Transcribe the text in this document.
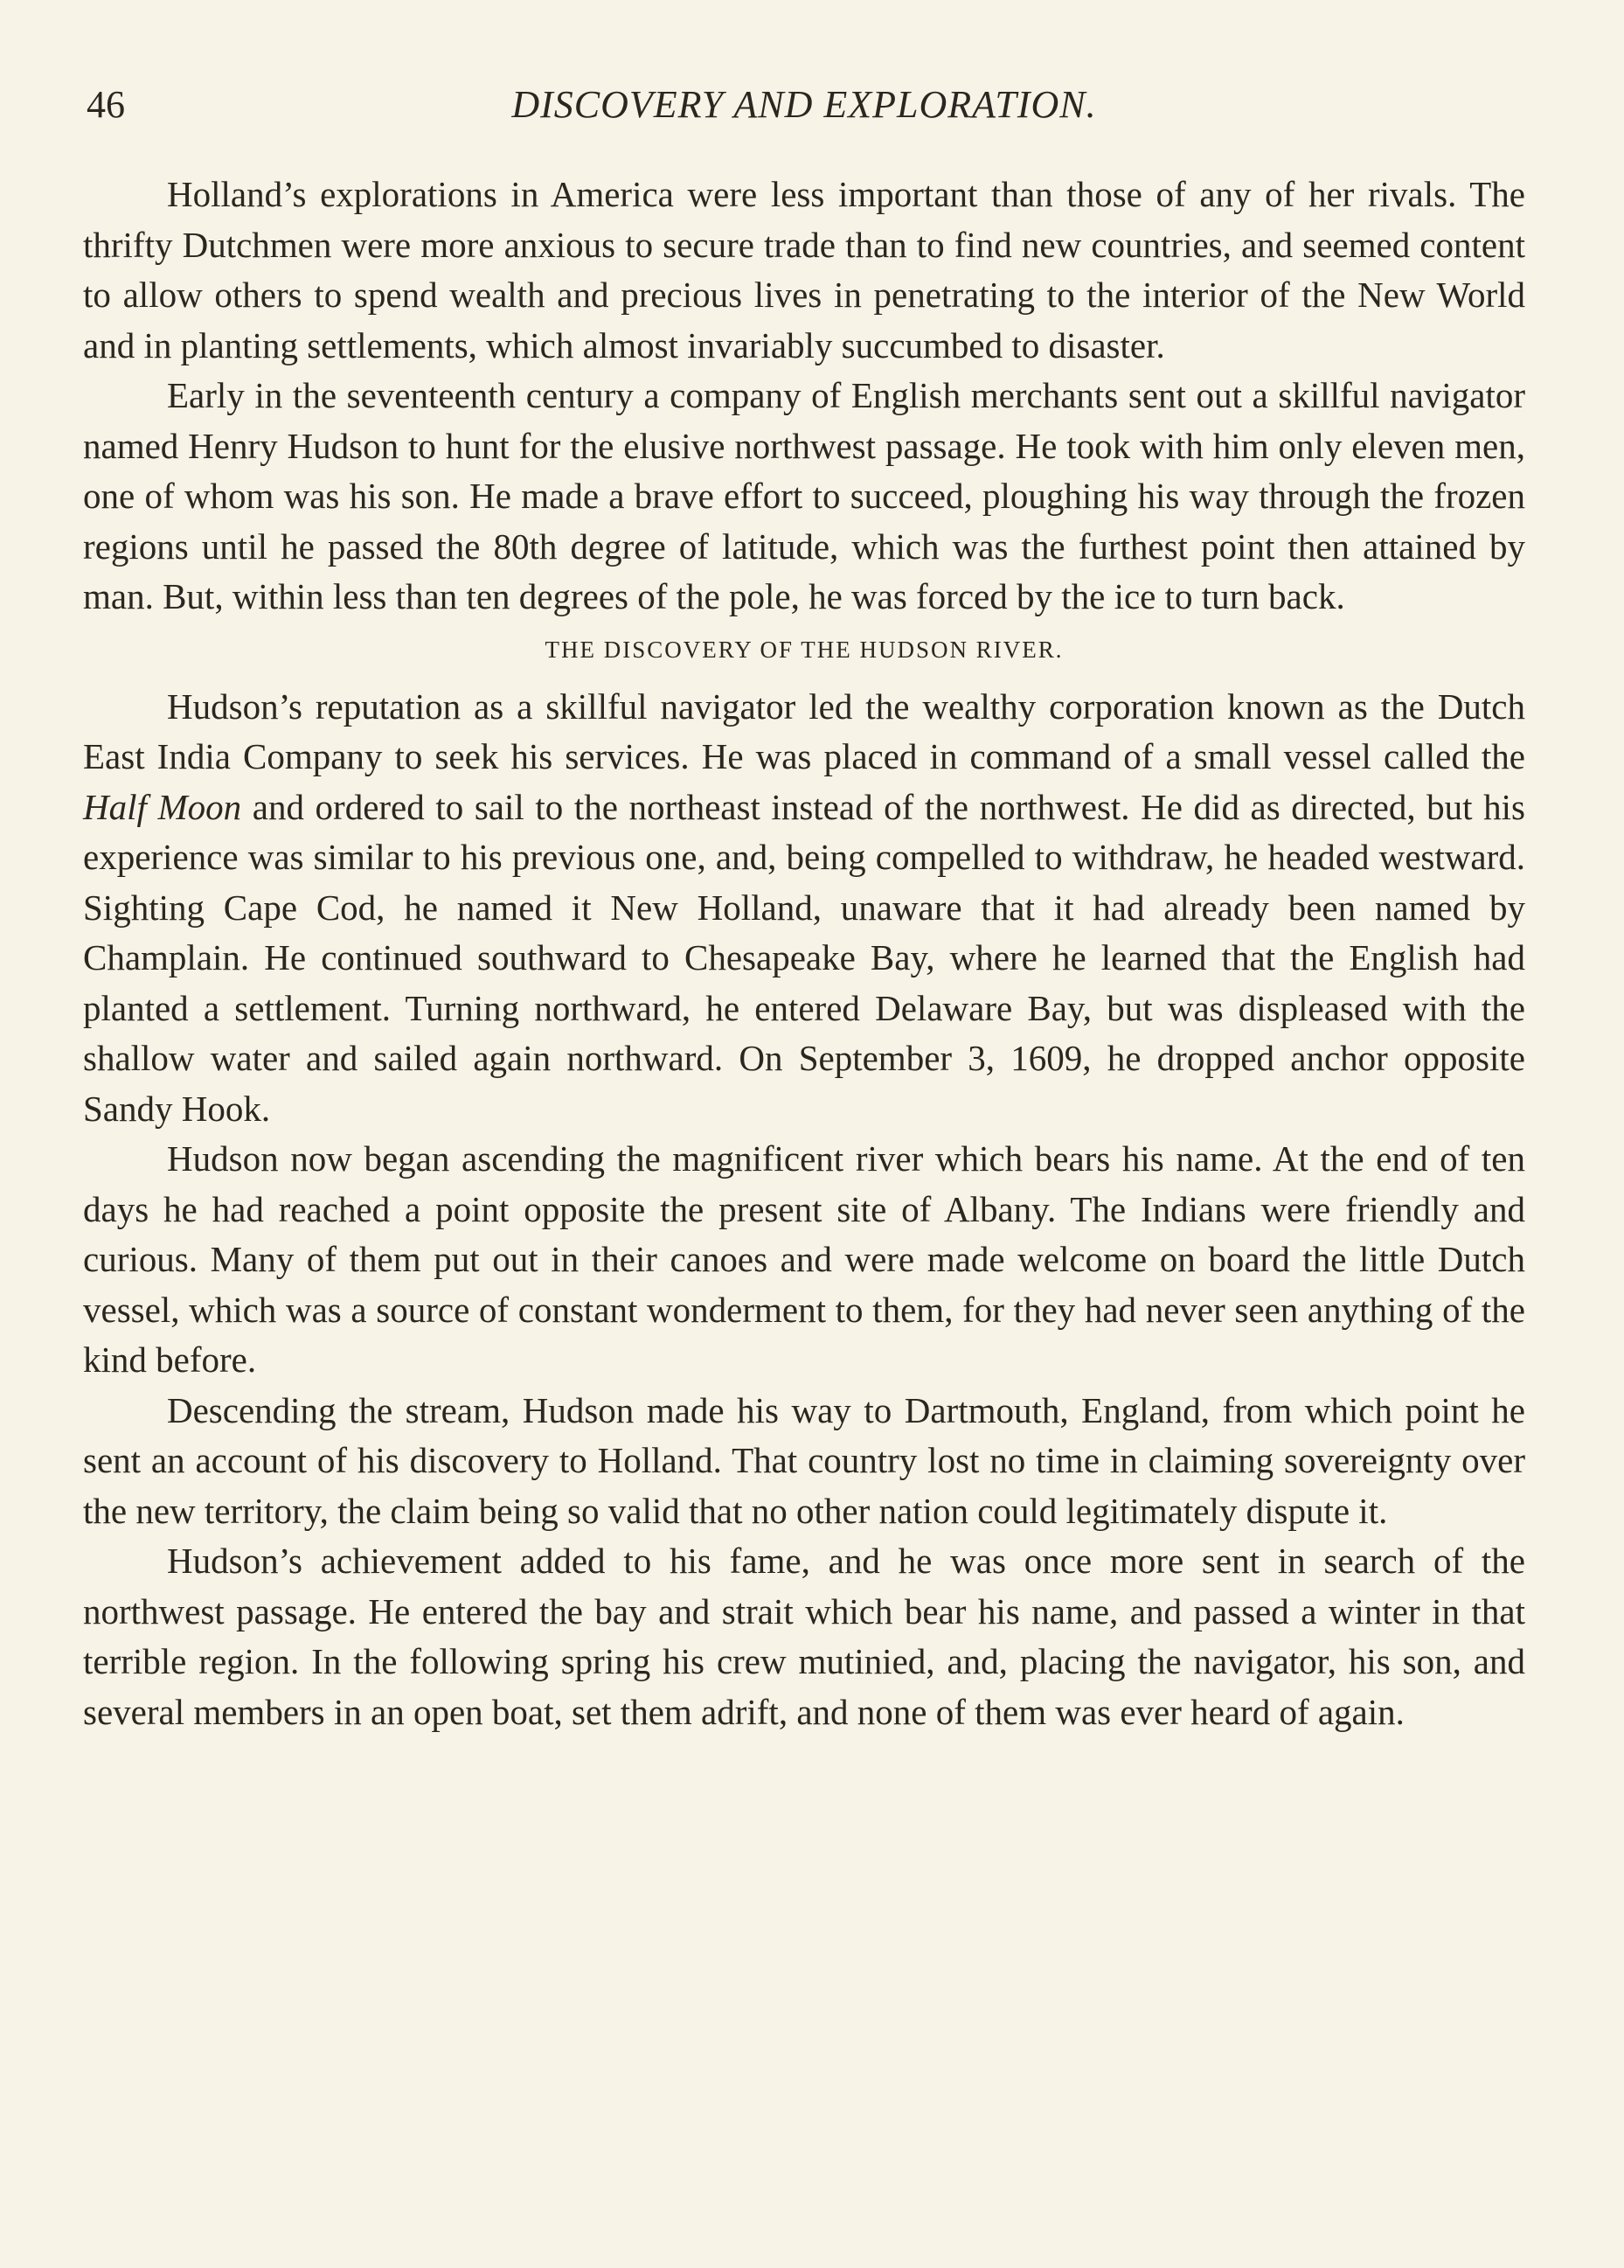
46	DISCOVERY AND EXPLORATION.

Holland’s explorations in America were less important than those of any of her rivals. The thrifty Dutchmen were more anxious to secure trade than to find new countries, and seemed content to allow others to spend wealth and precious lives in penetrating to the interior of the New World and in planting settlements, which almost invariably succumbed to disaster.

Early in the seventeenth century a company of English merchants sent out a skillful navigator named Henry Hudson to hunt for the elusive northwest passage. He took with him only eleven men, one of whom was his son. He made a brave effort to succeed, ploughing his way through the frozen regions until he passed the 80th degree of latitude, which was the furthest point then attained by man. But, within less than ten degrees of the pole, he was forced by the ice to turn back.

THE DISCOVERY OF THE HUDSON RIVER.

Hudson’s reputation as a skillful navigator led the wealthy corporation known as the Dutch East India Company to seek his services. He was placed in command of a small vessel called the Half Moon and ordered to sail to the northeast instead of the northwest. He did as directed, but his experience was similar to his previous one, and, being compelled to withdraw, he headed westward. Sighting Cape Cod, he named it New Holland, unaware that it had already been named by Champlain. He continued southward to Chesapeake Bay, where he learned that the English had planted a settlement. Turning northward, he entered Delaware Bay, but was displeased with the shallow water and sailed again northward. On September 3, 1609, he dropped anchor opposite Sandy Hook.

Hudson now began ascending the magnificent river which bears his name. At the end of ten days he had reached a point opposite the present site of Albany. The Indians were friendly and curious. Many of them put out in their canoes and were made welcome on board the little Dutch vessel, which was a source of constant wonderment to them, for they had never seen anything of the kind before.

Descending the stream, Hudson made his way to Dartmouth, England, from which point he sent an account of his discovery to Holland. That country lost no time in claiming sovereignty over the new territory, the claim being so valid that no other nation could legitimately dispute it.

Hudson’s achievement added to his fame, and he was once more sent in search of the northwest passage. He entered the bay and strait which bear his name, and passed a winter in that terrible region. In the following spring his crew mutinied, and, placing the navigator, his son, and several members in an open boat, set them adrift, and none of them was ever heard of again.
